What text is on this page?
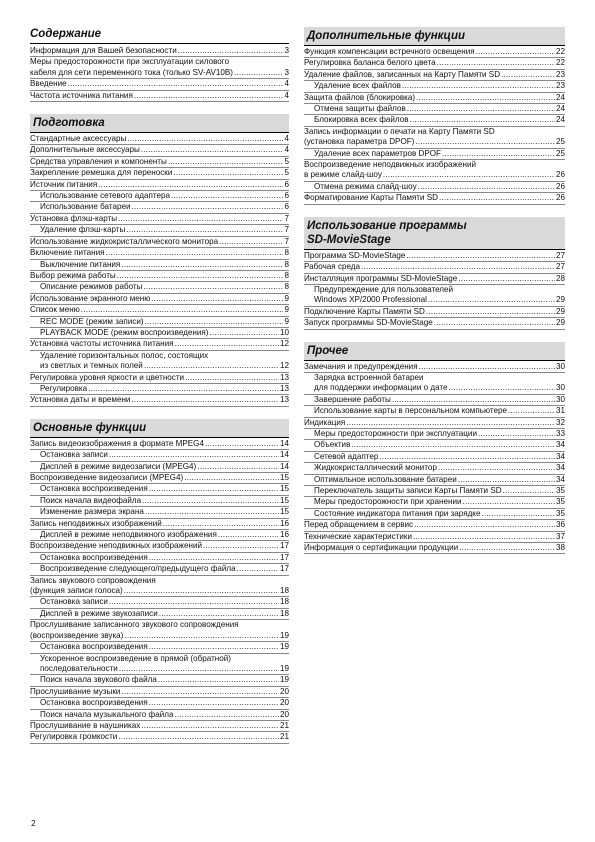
Содержание
Информация для Вашей безопасности .....	3
Меры предосторожности при эксплуатации силового
кабеля для сети переменного тока (только SV-AV10B) .....	3
Введение .....	4
Частота источника питания .....	4
Подготовка
Стандартные аксессуары .....	4
Дополнительные аксессуары .....	4
Средства управления и компоненты .....	5
Закрепление ремешка для переноски .....	5
Источник питания .....	6
Использование сетевого адаптера .....	6
Использование батареи .....	6
Установка флэш-карты .....	7
Удаление флэш-карты .....	7
Использование жидкокристаллического монитора .....	7
Включение питания .....	8
Выключение питания .....	8
Выбор режима работы .....	8
Описание режимов работы .....	8
Использование экранного меню .....	9
Список меню .....	9
REC MODE (режим записи) .....	9
PLAYBACK MODE (режим воспроизведения) .....	10
Установка частоты источника питания .....	12
Удаление горизонтальных полос, состоящих
из светлых и темных полей .....	12
Регулировка уровня яркости и цветности .....	13
Регулировка .....	13
Установка даты и времени .....	13
Основные функции
Запись видеоизображения в формате MPEG4 .....	14
Остановка записи .....	14
Дисплей в режиме видеозаписи (MPEG4) .....	14
Воспроизведение видеозаписи (MPEG4) .....	15
Остановка воспроизведения .....	15
Поиск начала видеофайла .....	15
Изменение размера экрана .....	15
Запись неподвижных изображений .....	16
Дисплей в режиме неподвижного изображения .....	16
Воспроизведение неподвижных изображений .....	17
Остановка воспроизведения .....	17
Воспроизведение следующего/предыдущего файла .....	17
Запись звукового сопровождения
(функция записи голоса) .....	18
Остановка записи .....	18
Дисплей в режиме звукозаписи .....	18
Прослушивание записанного звукового сопровождения
(воспроизведение звука) .....	19
Остановка воспроизведения .....	19
Ускоренное воспроизведение в прямой (обратной)
последовательности .....	19
Поиск начала звукового файла .....	19
Прослушивание музыки .....	20
Остановка воспроизведения .....	20
Поиск начала музыкального файла .....	20
Прослушивание в наушниках .....	21
Регулировка громкости .....	21
Дополнительные функции
Функция компенсации встречного освещения .....	22
Регулировка баланса белого цвета .....	22
Удаление файлов, записанных на Карту Памяти SD .....	23
Удаление всех файлов .....	23
Защита файлов (блокировка) .....	24
Отмена защиты файлов .....	24
Блокировка всех файлов .....	24
Запись информации о печати на Карту Памяти SD
(установка параметра DPOF) .....	25
Удаление всех параметров DPOF .....	25
Воспроизведение неподвижных изображений
в режиме слайд-шоу .....	26
Отмена режима слайд-шоу .....	26
Форматирование Карты Памяти SD .....	26
Использование программы
SD-MovieStage
Программа SD-MovieStage .....	27
Рабочая среда .....	27
Инсталляция программы SD-MovieStage .....	28
Предупреждение для пользователей
Windows XP/2000 Professional .....	29
Подключение Карты Памяти SD .....	29
Запуск программы SD-MovieStage .....	29
Прочее
Замечания и предупреждения .....	30
Зарядка встроенной батареи
для поддержки информации о дате .....	30
Завершение работы .....	30
Использование карты в персональном компьютере .....	31
Индикация .....	32
Меры предосторожности при эксплуатации .....	33
Объектив .....	34
Сетевой адаптер .....	34
Жидкокристаллический монитор .....	34
Оптимальное использование батареи .....	34
Переключатель защиты записи Карты Памяти SD .....	35
Меры предосторожности при хранении .....	35
Состояние индикатора питания при зарядке .....	35
Перед обращением в сервис .....	36
Технические характеристики .....	37
Информация о сертификации продукции .....	38
2
